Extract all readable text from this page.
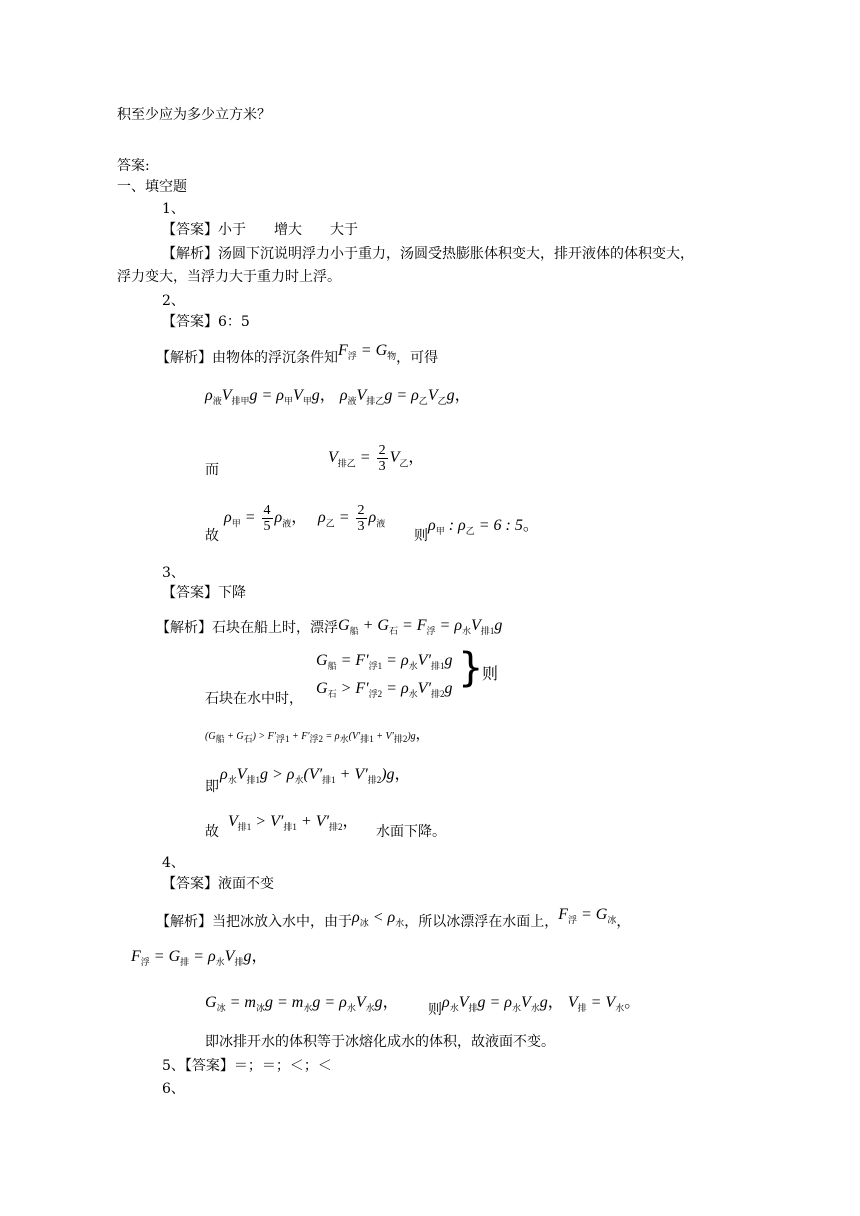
积至少应为多少立方米？
答案:
一、填空题
1、
【答案】小于　　增大　　大于
【解析】汤圆下沉说明浮力小于重力，汤圆受热膨胀体积变大，排开液体的体积变大，
浮力变大，当浮力大于重力时上浮。
2、
【答案】6：5
【解析】由物体的浮沉条件知$F_浮 = G_物$，可得
$\rho_液V_{排甲}g = \rho_甲V_甲g$， $\rho_液V_{排乙}g = \rho_乙V_乙g$，
而
$V_{排乙} = \frac{2}{3} V_乙$，
故
$\rho_甲 = \frac{4}{5} \rho_液$， $\rho_乙 = \frac{2}{3} \rho_液$
则
$\rho_甲$ : $\rho_乙 = 6$ : 5。
3、
【答案】下降
【解析】石块在船上时，漂浮$G_船 + G_石 = F_浮 = \rho_水V_{排1}g$
$G_船 = F'_{浮1} = \rho_水V'_{排1}g$
石块在水中时，
$G_石 > F'_{浮2} = \rho_水V'_{排2}g$ }
则
$(G_船 + G_石) > F'_{浮1} + F'_{浮2} = \rho_水(V'_{排1} + V'_{排2})g$，
即
$\rho_水V_{排1}g > \rho_水(V'_{排1} + V'_{排2})g$，
故
$V_{排1} > V'_{排1} + V'_{排2}$，
水面下降。
4、
【答案】液面不变
【解析】当把冰放入水中，由于$\rho_冰 < \rho_水$，所以冰漂浮在水面上，$F_浮 = G_冰$，
$F_浮 = G_排 = \rho_水V_排g$，
$G_冰 = m_冰g = m_水g = \rho_水V_水g$， 则 $\rho_水V_排g = \rho_水V_水g$， $V_排 = V_水$。
即冰排开水的体积等于冰熔化成水的体积，故液面不变。
5、【答案】＝；＝；＜；＜
6、
